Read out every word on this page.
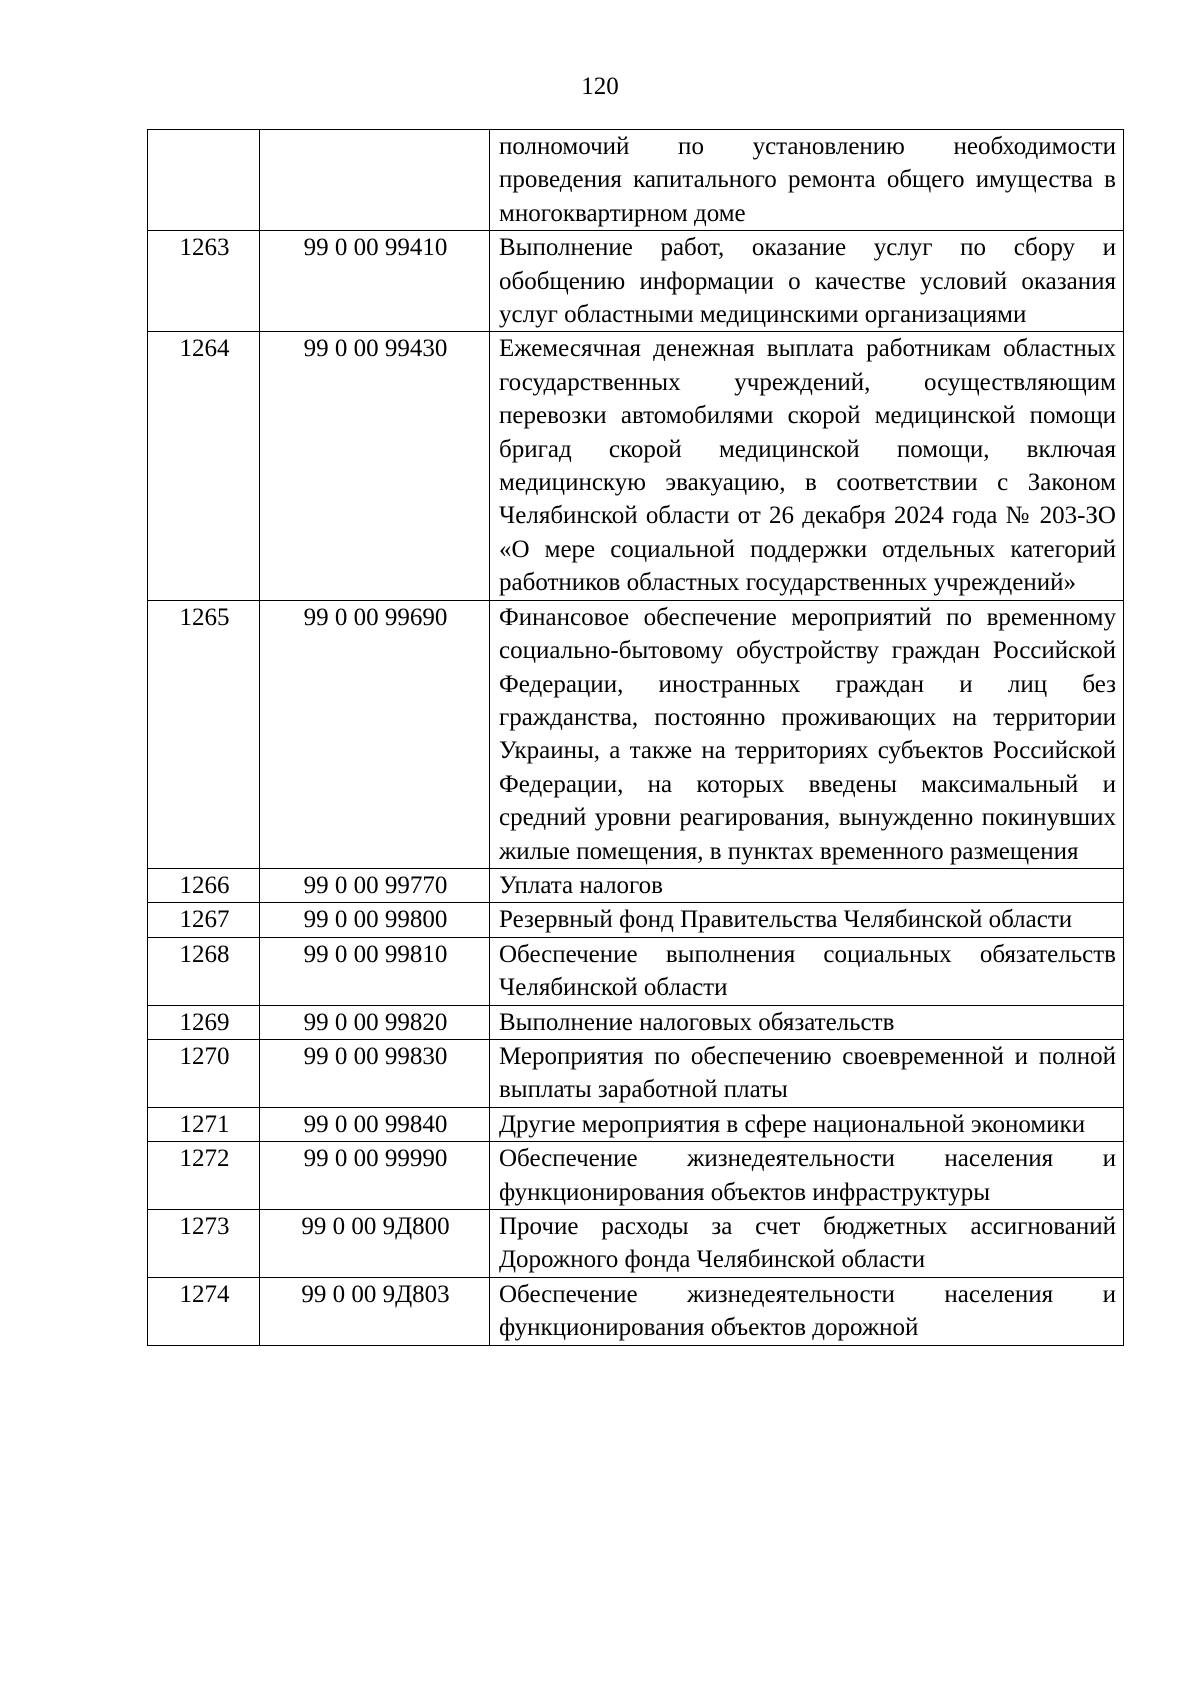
120
		полномочий по установлению необходимости проведения капитального ремонта общего имущества в многоквартирном доме
1263	99 0 00 99410	Выполнение работ, оказание услуг по сбору и обобщению информации о качестве условий оказания услуг областными медицинскими организациями
1264	99 0 00 99430	Ежемесячная денежная выплата работникам областных государственных учреждений, осуществляющим перевозки автомобилями скорой медицинской помощи бригад скорой медицинской помощи, включая медицинскую эвакуацию, в соответствии с Законом Челябинской области от 26 декабря 2024 года № 203-ЗО «О мере социальной поддержки отдельных категорий работников областных государственных учреждений»
1265	99 0 00 99690	Финансовое обеспечение мероприятий по временному социально-бытовому обустройству граждан Российской Федерации, иностранных граждан и лиц без гражданства, постоянно проживающих на территории Украины, а также на территориях субъектов Российской Федерации, на которых введены максимальный и средний уровни реагирования, вынужденно покинувших жилые помещения, в пунктах временного размещения
1266	99 0 00 99770	Уплата налогов
1267	99 0 00 99800	Резервный фонд Правительства Челябинской области
1268	99 0 00 99810	Обеспечение выполнения социальных обязательств Челябинской области
1269	99 0 00 99820	Выполнение налоговых обязательств
1270	99 0 00 99830	Мероприятия по обеспечению своевременной и полной выплаты заработной платы
1271	99 0 00 99840	Другие мероприятия в сфере национальной экономики
1272	99 0 00 99990	Обеспечение жизнедеятельности населения и функционирования объектов инфраструктуры
1273	99 0 00 9Д800	Прочие расходы за счет бюджетных ассигнований Дорожного фонда Челябинской области
1274	99 0 00 9Д803	Обеспечение жизнедеятельности населения и функционирования объектов дорожной
